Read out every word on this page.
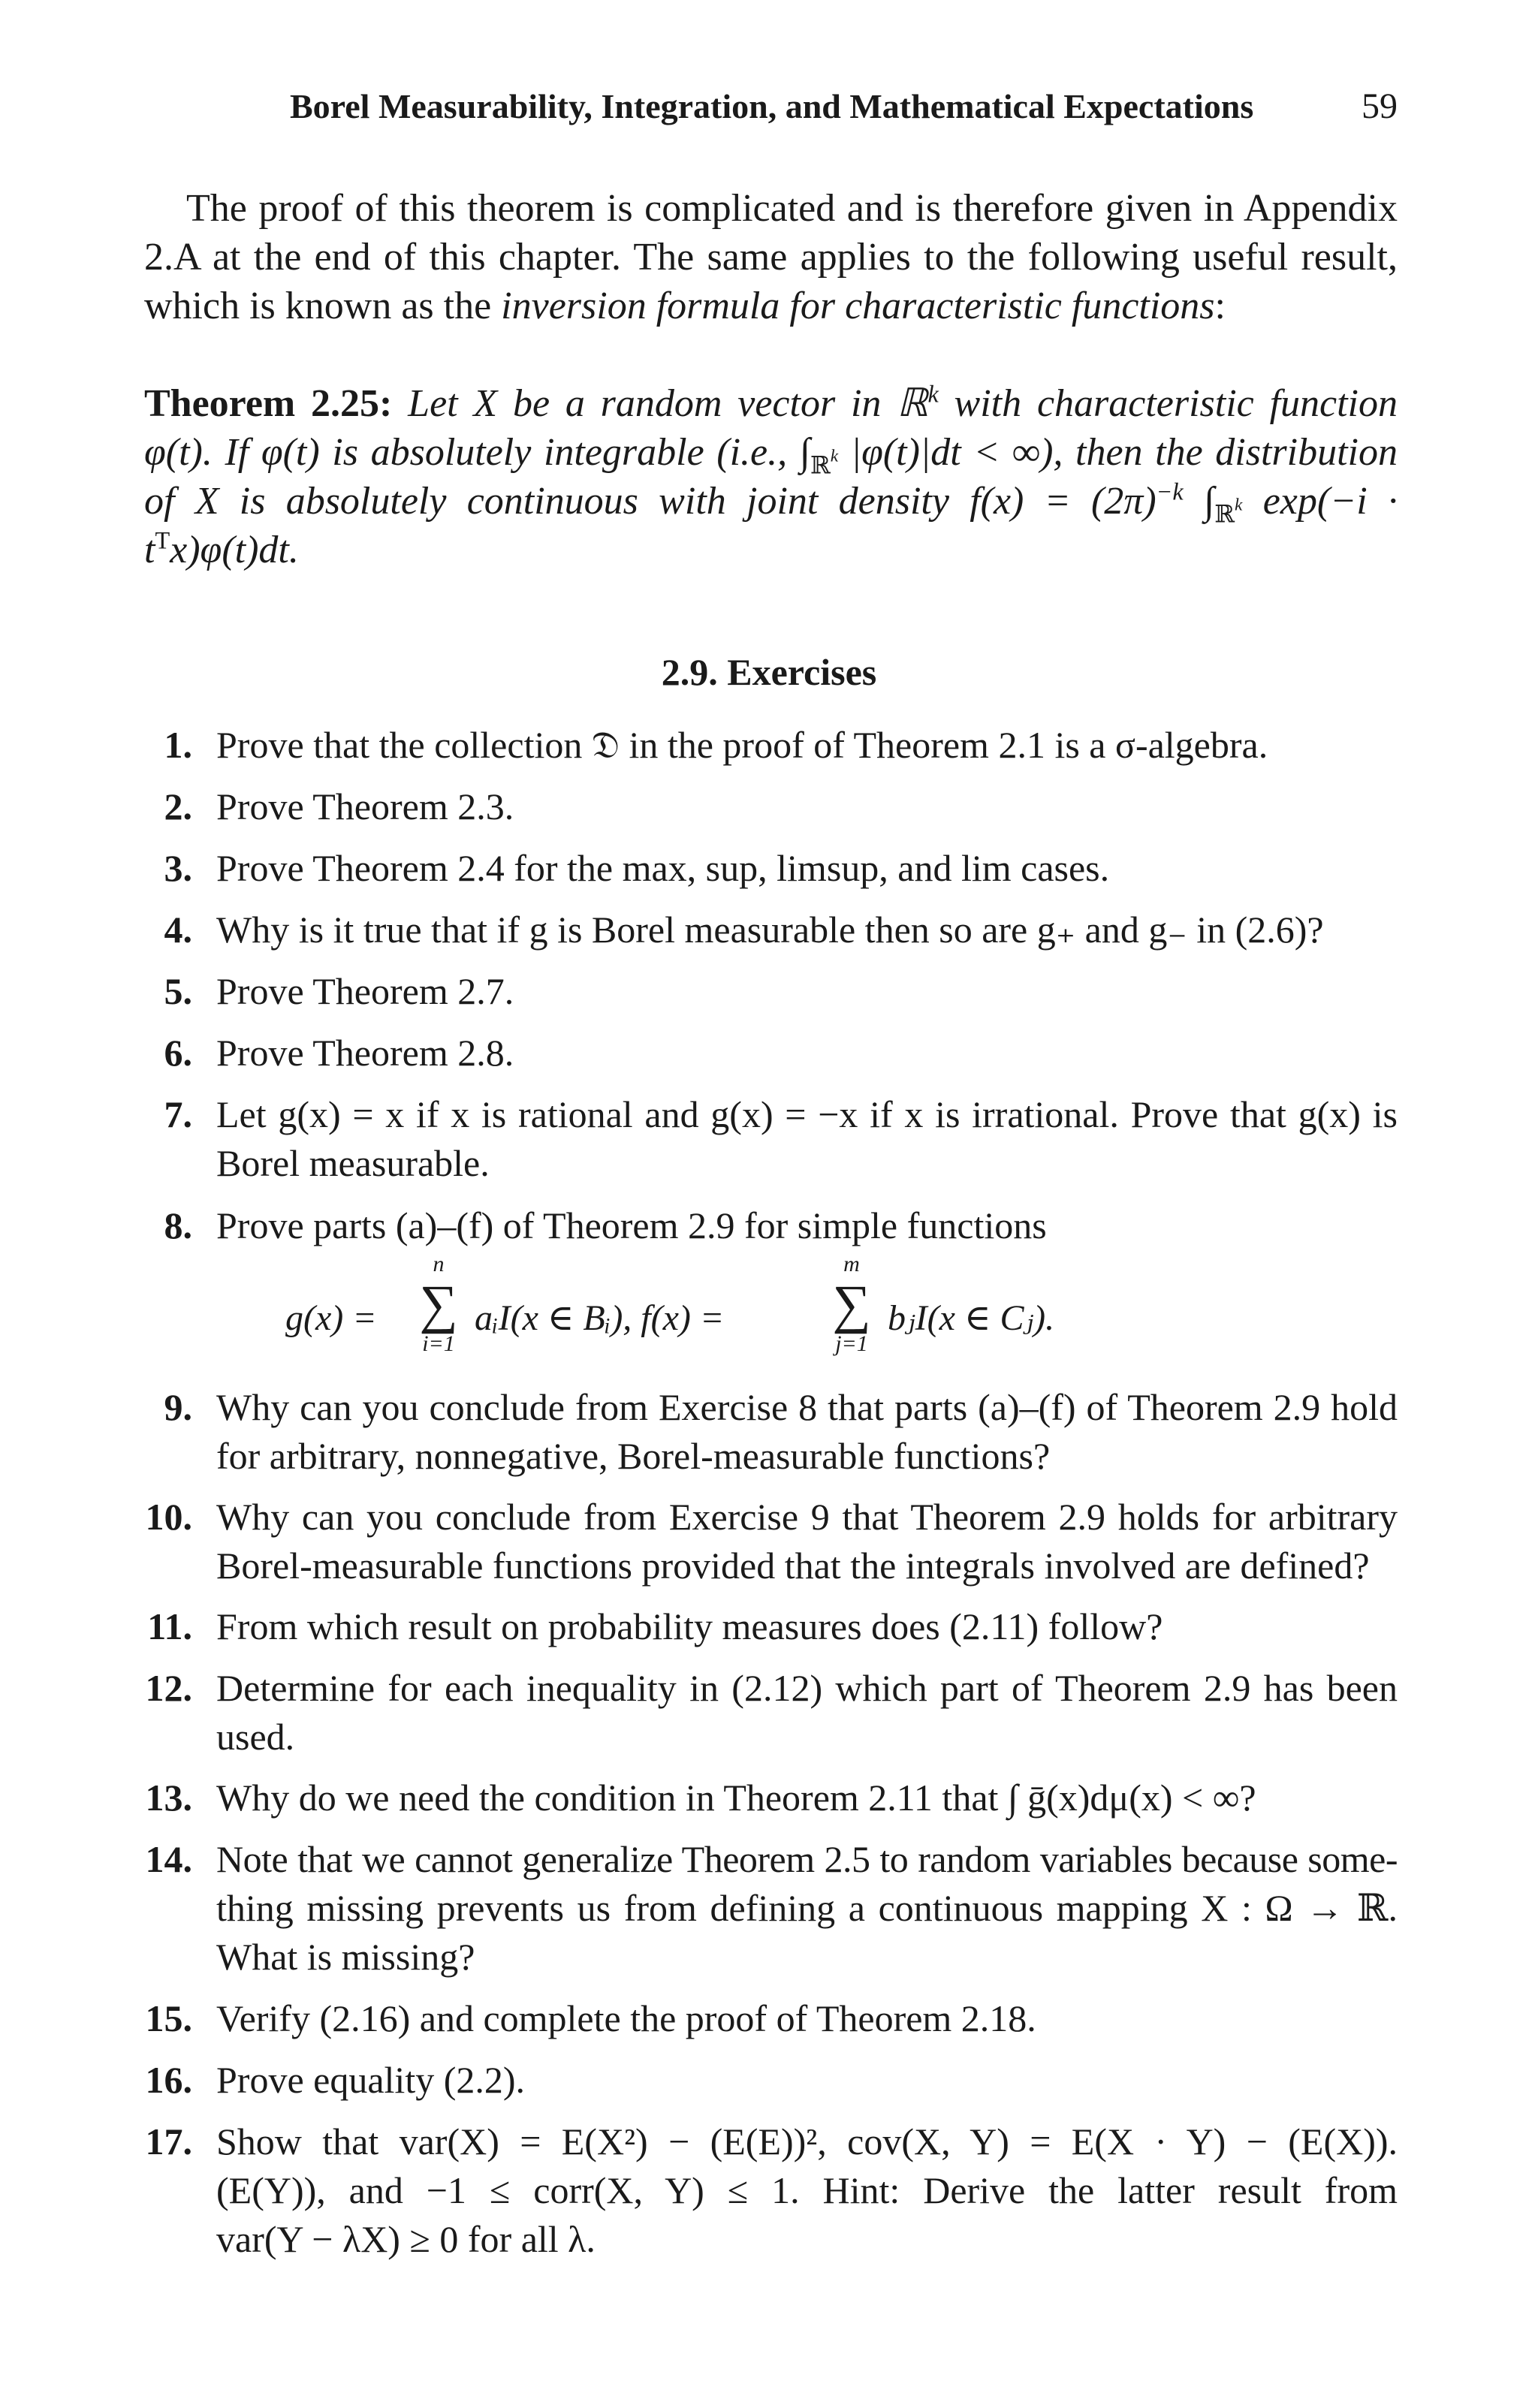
Borel Measurability, Integration, and Mathematical Expectations	59
The proof of this theorem is complicated and is therefore given in Appendix
2.A at the end of this chapter. The same applies to the following useful result,
which is known as the inversion formula for characteristic functions:
Theorem 2.25: Let X be a random vector in ℝ$^k$ with characteristic function
φ(t). If φ(t) is absolutely integrable (i.e., $\int_{ℝk}$ |φ(t)|dt < ∞), then the distribution
of X is absolutely continuous with joint density $f(x) = (2\pi)^{-k}$ $\int_{ℝk}$ exp(−i ·
$t^Tx)\varphi(t)dt$.
2.9. Exercises
1. Prove that the collection 𝔇 in the proof of Theorem 2.1 is a σ-algebra.
2. Prove Theorem 2.3.
3. Prove Theorem 2.4 for the max, sup, limsup, and lim cases.
4. Why is it true that if g is Borel measurable then so are g₊ and g₋ in (2.6)?
5. Prove Theorem 2.7.
6. Prove Theorem 2.8.
7. Let g(x) = x if x is rational and g(x) = −x if x is irrational. Prove that g(x) is
Borel measurable.
8. Prove parts (a)–(f) of Theorem 2.9 for simple functions
g(x) =
n
∑
i=1
aᵢI(x ∈ Bᵢ), f(x) =
m
∑
j=1
bⱼI(x ∈ Cⱼ).
9. Why can you conclude from Exercise 8 that parts (a)–(f) of Theorem 2.9 hold
for arbitrary, nonnegative, Borel-measurable functions?
10. Why can you conclude from Exercise 9 that Theorem 2.9 holds for arbitrary
Borel-measurable functions provided that the integrals involved are defined?
11. From which result on probability measures does (2.11) follow?
12. Determine for each inequality in (2.12) which part of Theorem 2.9 has been
used.
13. Why do we need the condition in Theorem 2.11 that ∫ ḡ(x)dμ(x) < ∞?
14. Note that we cannot generalize Theorem 2.5 to random variables because some-
thing missing prevents us from defining a continuous mapping X : Ω → ℝ.
What is missing?
15. Verify (2.16) and complete the proof of Theorem 2.18.
16. Prove equality (2.2).
17. Show that var(X) = E(X²) − (E(E))², cov(X, Y) = E(X · Y) − (E(X)).
(E(Y)), and −1 ≤ corr(X, Y) ≤ 1. Hint: Derive the latter result from
var(Y − λX) ≥ 0 for all λ.
